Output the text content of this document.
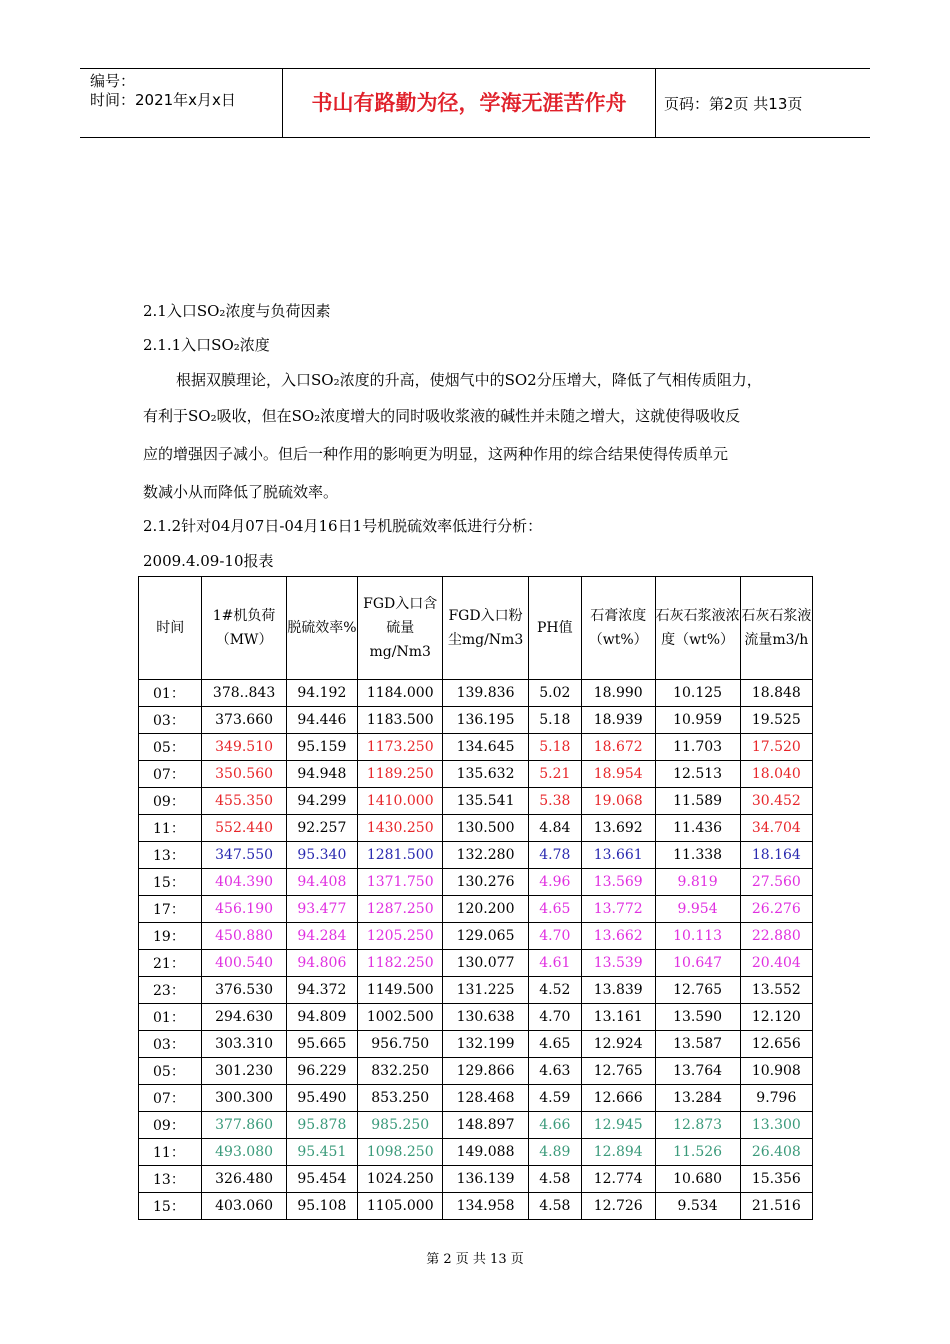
编号：
时间：2021年x月x日	书山有路勤为径，学海无涯苦作舟	页码：第2页 共13页
2.1入口SO₂浓度与负荷因素
2.1.1入口SO₂浓度
根据双膜理论，入口SO₂浓度的升高，使烟气中的SO2分压增大，降低了气相传质阻力，
有利于SO₂吸收，但在SO₂浓度增大的同时吸收浆液的碱性并未随之增大，这就使得吸收反
应的增强因子减小。但后一种作用的影响更为明显，这两种作用的综合结果使得传质单元
数减小从而降低了脱硫效率。
2.1.2针对04月07日-04月16日1号机脱硫效率低进行分析：
2009.4.09-10报表
时间	1#机负荷（MW）	脱硫效率%	FGD入口含硫量mg/Nm3	FGD入口粉尘mg/Nm3	PH值	石膏浓度（wt%）	石灰石浆液浓度（wt%）	石灰石浆液流量m3/h
01：	378..843	94.192	1184.000	139.836	5.02	18.990	10.125	18.848
03：	373.660	94.446	1183.500	136.195	5.18	18.939	10.959	19.525
05：	349.510	95.159	1173.250	134.645	5.18	18.672	11.703	17.520
07：	350.560	94.948	1189.250	135.632	5.21	18.954	12.513	18.040
09：	455.350	94.299	1410.000	135.541	5.38	19.068	11.589	30.452
11：	552.440	92.257	1430.250	130.500	4.84	13.692	11.436	34.704
13：	347.550	95.340	1281.500	132.280	4.78	13.661	11.338	18.164
15：	404.390	94.408	1371.750	130.276	4.96	13.569	9.819	27.560
17：	456.190	93.477	1287.250	120.200	4.65	13.772	9.954	26.276
19：	450.880	94.284	1205.250	129.065	4.70	13.662	10.113	22.880
21：	400.540	94.806	1182.250	130.077	4.61	13.539	10.647	20.404
23：	376.530	94.372	1149.500	131.225	4.52	13.839	12.765	13.552
01：	294.630	94.809	1002.500	130.638	4.70	13.161	13.590	12.120
03：	303.310	95.665	956.750	132.199	4.65	12.924	13.587	12.656
05：	301.230	96.229	832.250	129.866	4.63	12.765	13.764	10.908
07：	300.300	95.490	853.250	128.468	4.59	12.666	13.284	9.796
09：	377.860	95.878	985.250	148.897	4.66	12.945	12.873	13.300
11：	493.080	95.451	1098.250	149.088	4.89	12.894	11.526	26.408
13：	326.480	95.454	1024.250	136.139	4.58	12.774	10.680	15.356
15：	403.060	95.108	1105.000	134.958	4.58	12.726	9.534	21.516
第 2 页 共 13 页
